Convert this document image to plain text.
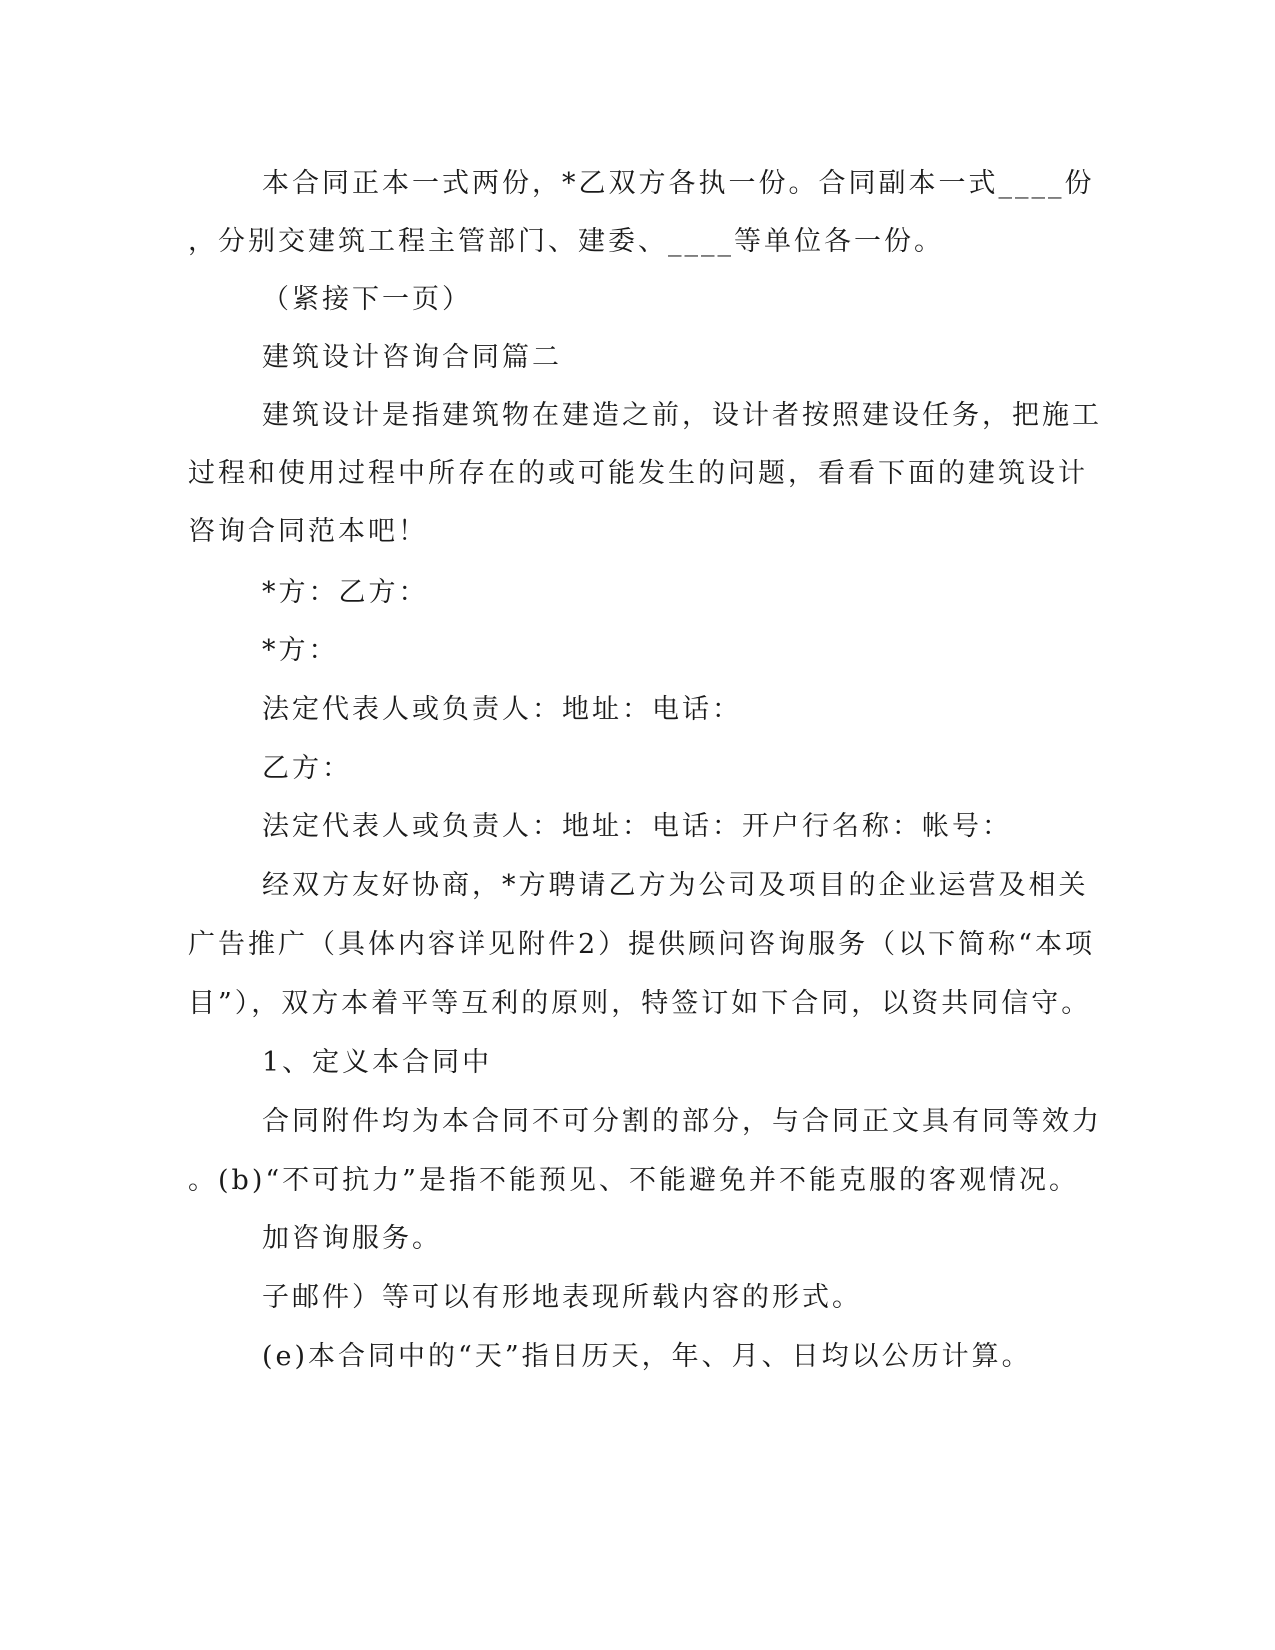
本合同正本一式两份，*乙双方各执一份。合同副本一式____份
，分别交建筑工程主管部门、建委、____等单位各一份。
（紧接下一页）
建筑设计咨询合同篇二
建筑设计是指建筑物在建造之前，设计者按照建设任务，把施工
过程和使用过程中所存在的或可能发生的问题，看看下面的建筑设计
咨询合同范本吧！
*方：乙方：
*方：
法定代表人或负责人：地址：电话：
乙方：
法定代表人或负责人：地址：电话：开户行名称：帐号：
经双方友好协商，*方聘请乙方为公司及项目的企业运营及相关
广告推广（具体内容详见附件2）提供顾问咨询服务（以下简称“本项
目”），双方本着平等互利的原则，特签订如下合同，以资共同信守。
1、定义本合同中
合同附件均为本合同不可分割的部分，与合同正文具有同等效力
。(b)“不可抗力”是指不能预见、不能避免并不能克服的客观情况。
加咨询服务。
子邮件）等可以有形地表现所载内容的形式。
(e)本合同中的“天”指日历天，年、月、日均以公历计算。
